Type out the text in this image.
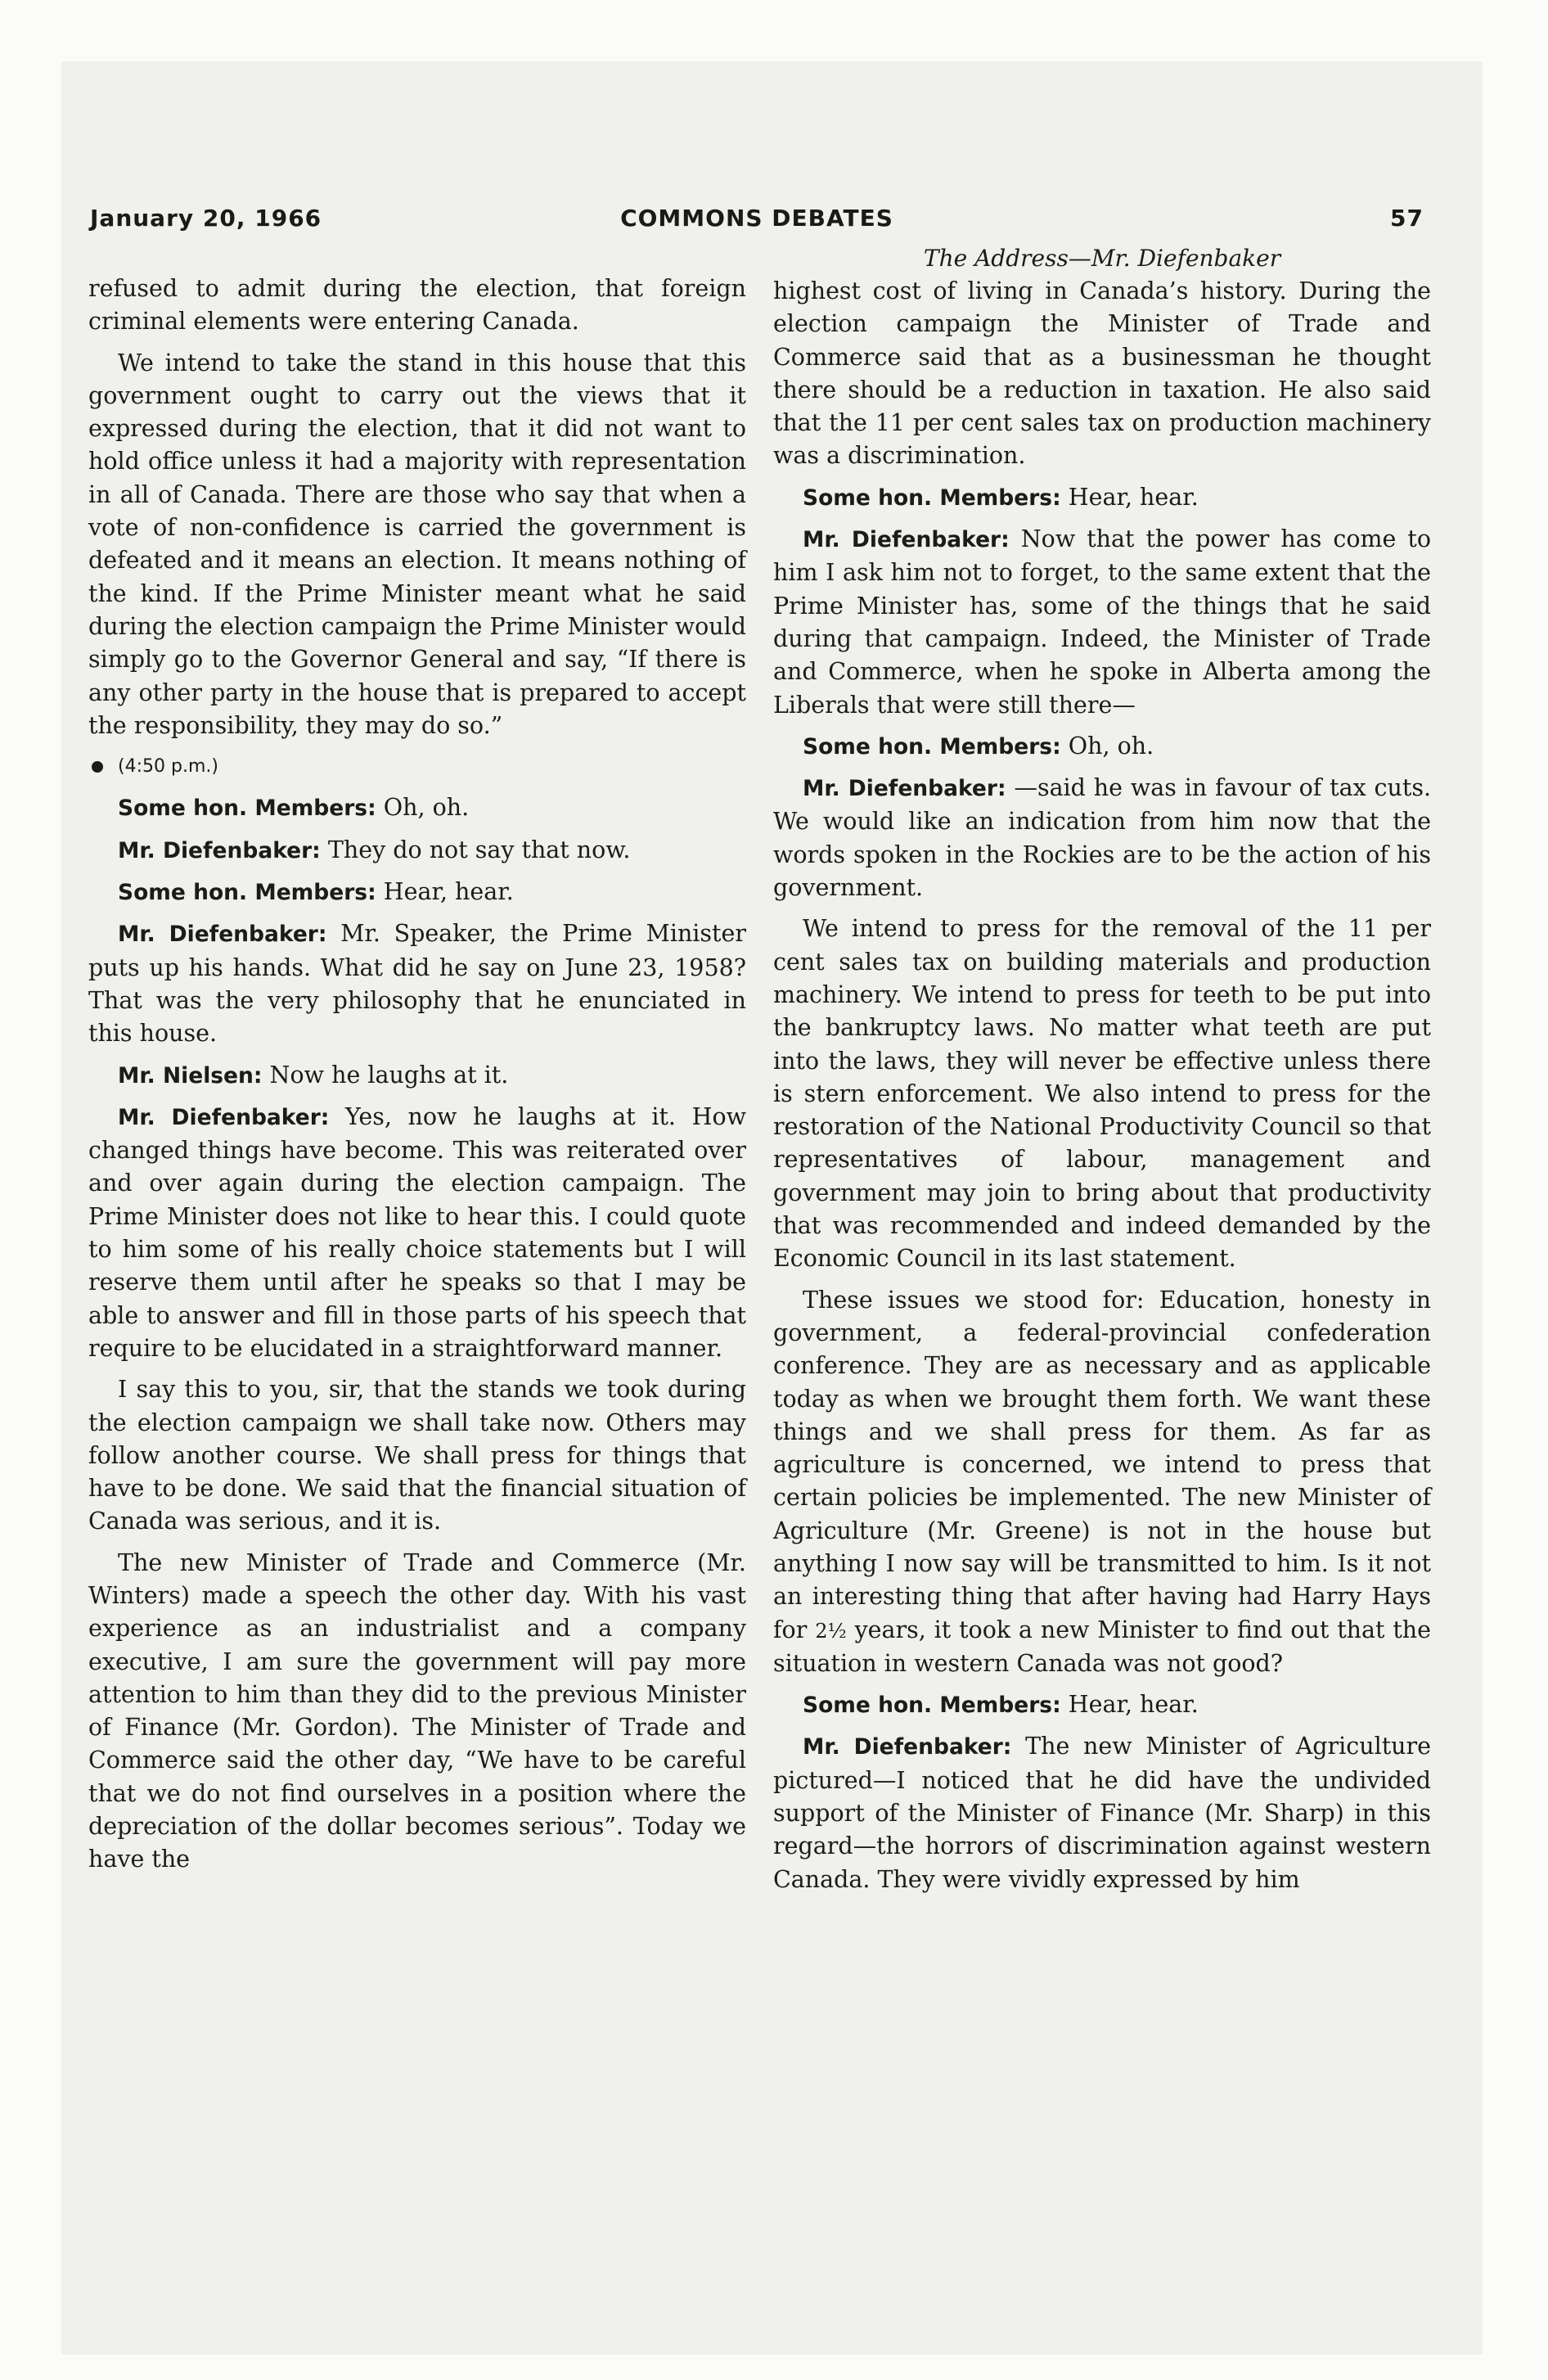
January 20, 1966	COMMONS DEBATES	57

refused to admit during the election, that foreign criminal elements were entering Canada.

We intend to take the stand in this house that this government ought to carry out the views that it expressed during the election, that it did not want to hold office unless it had a majority with representation in all of Canada. There are those who say that when a vote of non-confidence is carried the government is defeated and it means an election. It means nothing of the kind. If the Prime Minister meant what he said during the election campaign the Prime Minister would simply go to the Governor General and say, “If there is any other party in the house that is prepared to accept the responsibility, they may do so.”

(4:50 p.m.)

Some hon. Members: Oh, oh.

Mr. Diefenbaker: They do not say that now.

Some hon. Members: Hear, hear.

Mr. Diefenbaker: Mr. Speaker, the Prime Minister puts up his hands. What did he say on June 23, 1958? That was the very philosophy that he enunciated in this house.

Mr. Nielsen: Now he laughs at it.

Mr. Diefenbaker: Yes, now he laughs at it. How changed things have become. This was reiterated over and over again during the election campaign. The Prime Minister does not like to hear this. I could quote to him some of his really choice statements but I will reserve them until after he speaks so that I may be able to answer and fill in those parts of his speech that require to be elucidated in a straightforward manner.

I say this to you, sir, that the stands we took during the election campaign we shall take now. Others may follow another course. We shall press for things that have to be done. We said that the financial situation of Canada was serious, and it is.

The new Minister of Trade and Commerce (Mr. Winters) made a speech the other day. With his vast experience as an industrialist and a company executive, I am sure the government will pay more attention to him than they did to the previous Minister of Finance (Mr. Gordon). The Minister of Trade and Commerce said the other day, “We have to be careful that we do not find ourselves in a position where the depreciation of the dollar becomes serious”. Today we have the

The Address—Mr. Diefenbaker

highest cost of living in Canada’s history. During the election campaign the Minister of Trade and Commerce said that as a businessman he thought there should be a reduction in taxation. He also said that the 11 per cent sales tax on production machinery was a discrimination.

Some hon. Members: Hear, hear.

Mr. Diefenbaker: Now that the power has come to him I ask him not to forget, to the same extent that the Prime Minister has, some of the things that he said during that campaign. Indeed, the Minister of Trade and Commerce, when he spoke in Alberta among the Liberals that were still there—

Some hon. Members: Oh, oh.

Mr. Diefenbaker: —said he was in favour of tax cuts. We would like an indication from him now that the words spoken in the Rockies are to be the action of his government.

We intend to press for the removal of the 11 per cent sales tax on building materials and production machinery. We intend to press for teeth to be put into the bankruptcy laws. No matter what teeth are put into the laws, they will never be effective unless there is stern enforcement. We also intend to press for the restoration of the National Productivity Council so that representatives of labour, management and government may join to bring about that productivity that was recommended and indeed demanded by the Economic Council in its last statement.

These issues we stood for: Education, honesty in government, a federal-provincial confederation conference. They are as necessary and as applicable today as when we brought them forth. We want these things and we shall press for them. As far as agriculture is concerned, we intend to press that certain policies be implemented. The new Minister of Agriculture (Mr. Greene) is not in the house but anything I now say will be transmitted to him. Is it not an interesting thing that after having had Harry Hays for 2½ years, it took a new Minister to find out that the situation in western Canada was not good?

Some hon. Members: Hear, hear.

Mr. Diefenbaker: The new Minister of Agriculture pictured—I noticed that he did have the undivided support of the Minister of Finance (Mr. Sharp) in this regard—the horrors of discrimination against western Canada. They were vividly expressed by him
